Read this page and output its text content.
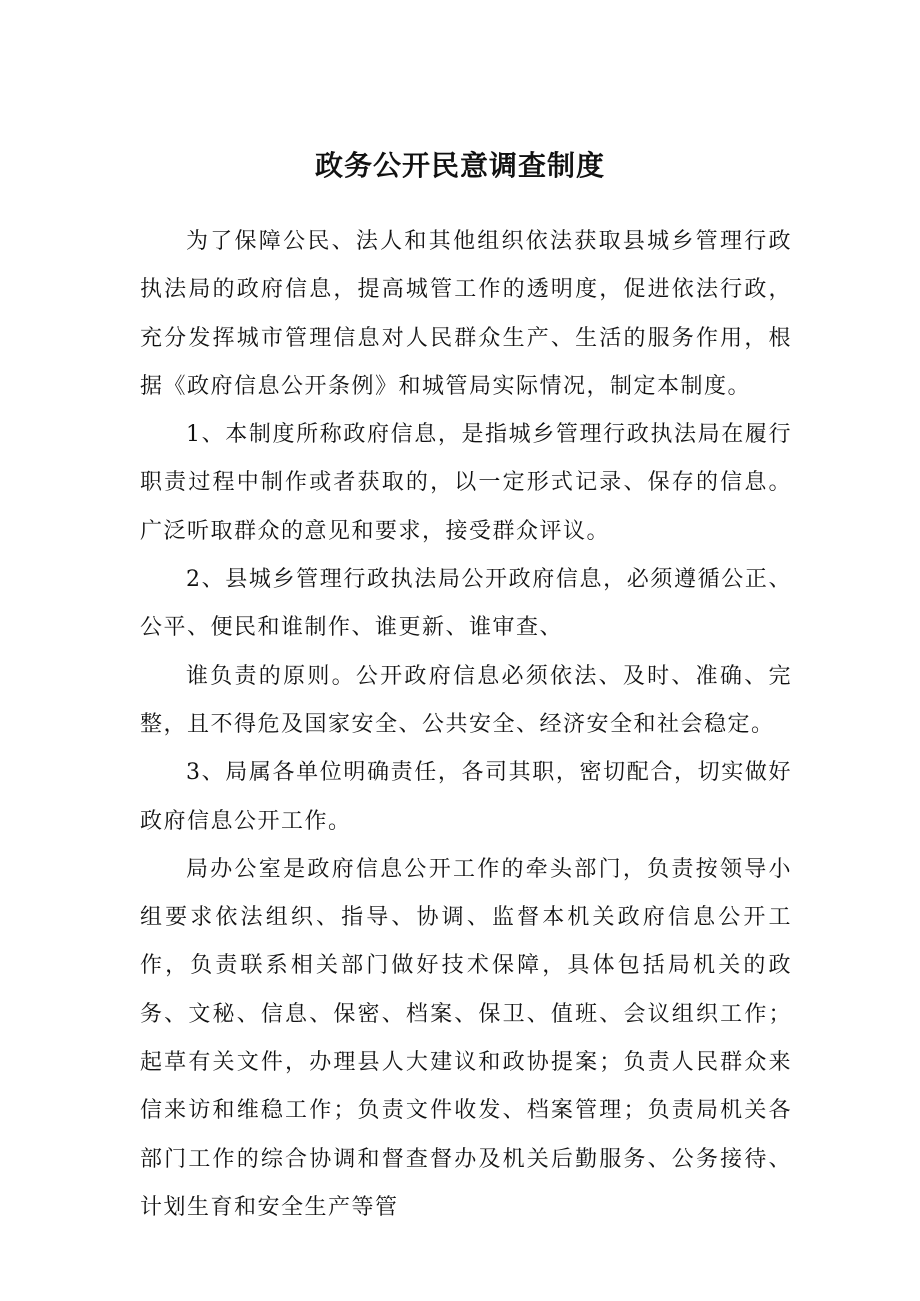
政务公开民意调查制度

为了保障公民、法人和其他组织依法获取县城乡管理行政执法局的政府信息，提高城管工作的透明度，促进依法行政，充分发挥城市管理信息对人民群众生产、生活的服务作用，根据《政府信息公开条例》和城管局实际情况，制定本制度。

1、本制度所称政府信息，是指城乡管理行政执法局在履行职责过程中制作或者获取的，以一定形式记录、保存的信息。广泛听取群众的意见和要求，接受群众评议。

2、县城乡管理行政执法局公开政府信息，必须遵循公正、公平、便民和谁制作、谁更新、谁审查、

谁负责的原则。公开政府信息必须依法、及时、准确、完整，且不得危及国家安全、公共安全、经济安全和社会稳定。

3、局属各单位明确责任，各司其职，密切配合，切实做好政府信息公开工作。

局办公室是政府信息公开工作的牵头部门，负责按领导小组要求依法组织、指导、协调、监督本机关政府信息公开工作，负责联系相关部门做好技术保障，具体包括局机关的政务、文秘、信息、保密、档案、保卫、值班、会议组织工作；起草有关文件，办理县人大建议和政协提案；负责人民群众来信来访和维稳工作；负责文件收发、档案管理；负责局机关各部门工作的综合协调和督查督办及机关后勤服务、公务接待、计划生育和安全生产等管
